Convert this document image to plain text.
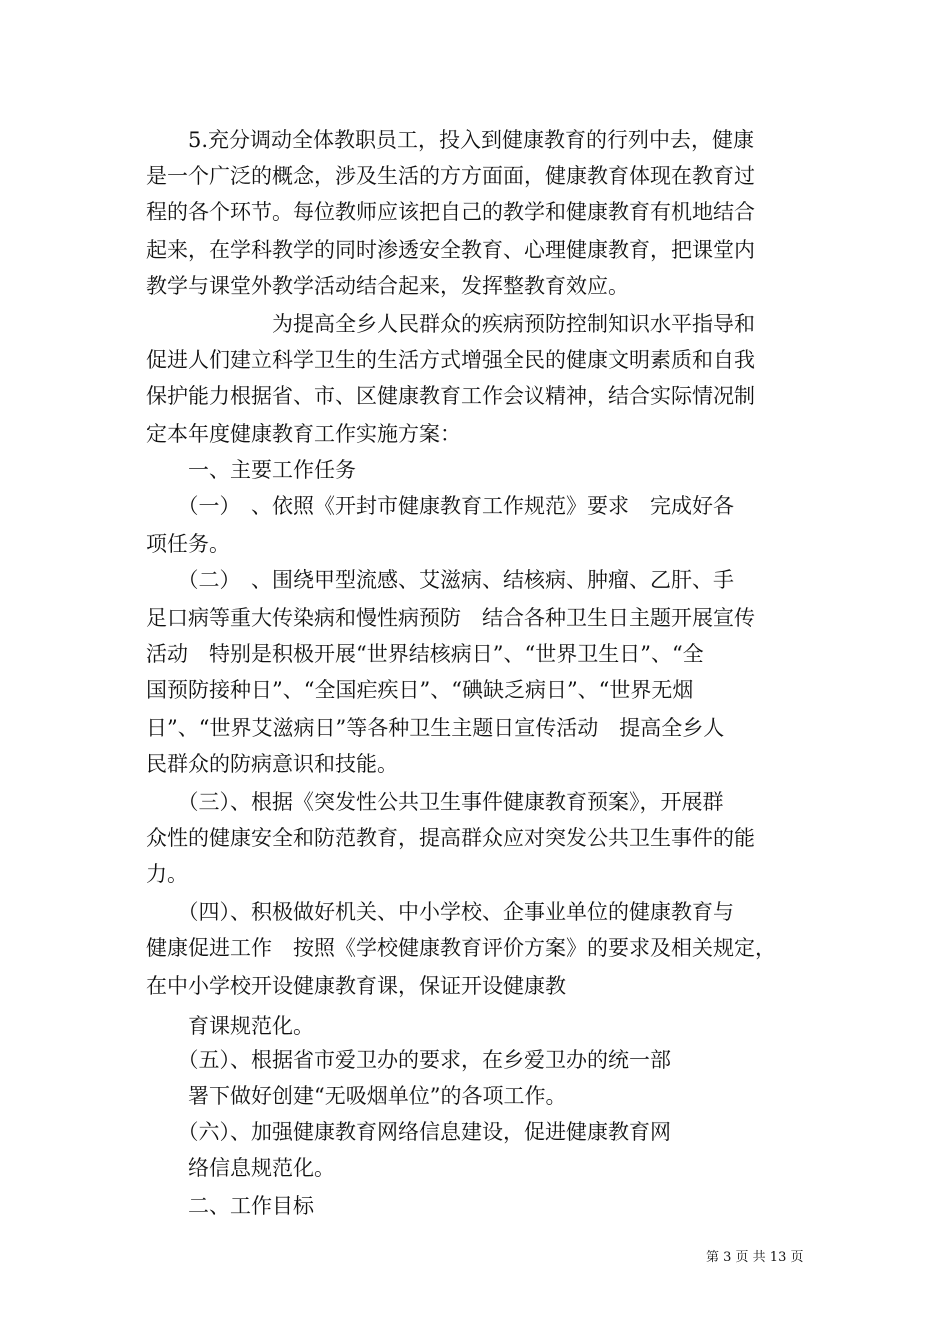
　　5.充分调动全体教职员工，投入到健康教育的行列中去，健康

是一个广泛的概念，涉及生活的方方面面，健康教育体现在教育过

程的各个环节。每位教师应该把自己的教学和健康教育有机地结合

起来，在学科教学的同时渗透安全教育、心理健康教育，把课堂内

教学与课堂外教学活动结合起来，发挥整教育效应。

　　　　　　为提高全乡人民群众的疾病预防控制知识水平指导和

促进人们建立科学卫生的生活方式增强全民的健康文明素质和自我

保护能力根据省、市、区健康教育工作会议精神，结合实际情况制

定本年度健康教育工作实施方案：

　　一、主要工作任务

　　（一）　、依照《开封市健康教育工作规范》要求　完成好各

项任务。

　　（二）　、围绕甲型流感、艾滋病、结核病、肿瘤、乙肝、手

足口病等重大传染病和慢性病预防　结合各种卫生日主题开展宣传

活动　特别是积极开展“世界结核病日”、“世界卫生日”、“全

国预防接种日”、“全国疟疾日”、“碘缺乏病日”、“世界无烟

日”、“世界艾滋病日”等各种卫生主题日宣传活动　提高全乡人

民群众的防病意识和技能。

　　（三）、根据《突发性公共卫生事件健康教育预案》，开展群

众性的健康安全和防范教育，提高群众应对突发公共卫生事件的能

力。

　　（四）、积极做好机关、中小学校、企事业单位的健康教育与

健康促进工作　按照《学校健康教育评价方案》的要求及相关规定，

在中小学校开设健康教育课，保证开设健康教

　　育课规范化。

　　（五）、根据省市爱卫办的要求，在乡爱卫办的统一部

　　署下做好创建“无吸烟单位”的各项工作。

　　（六）、加强健康教育网络信息建设，促进健康教育网

　　络信息规范化。

　　二、工作目标

第 3 页 共 13 页
